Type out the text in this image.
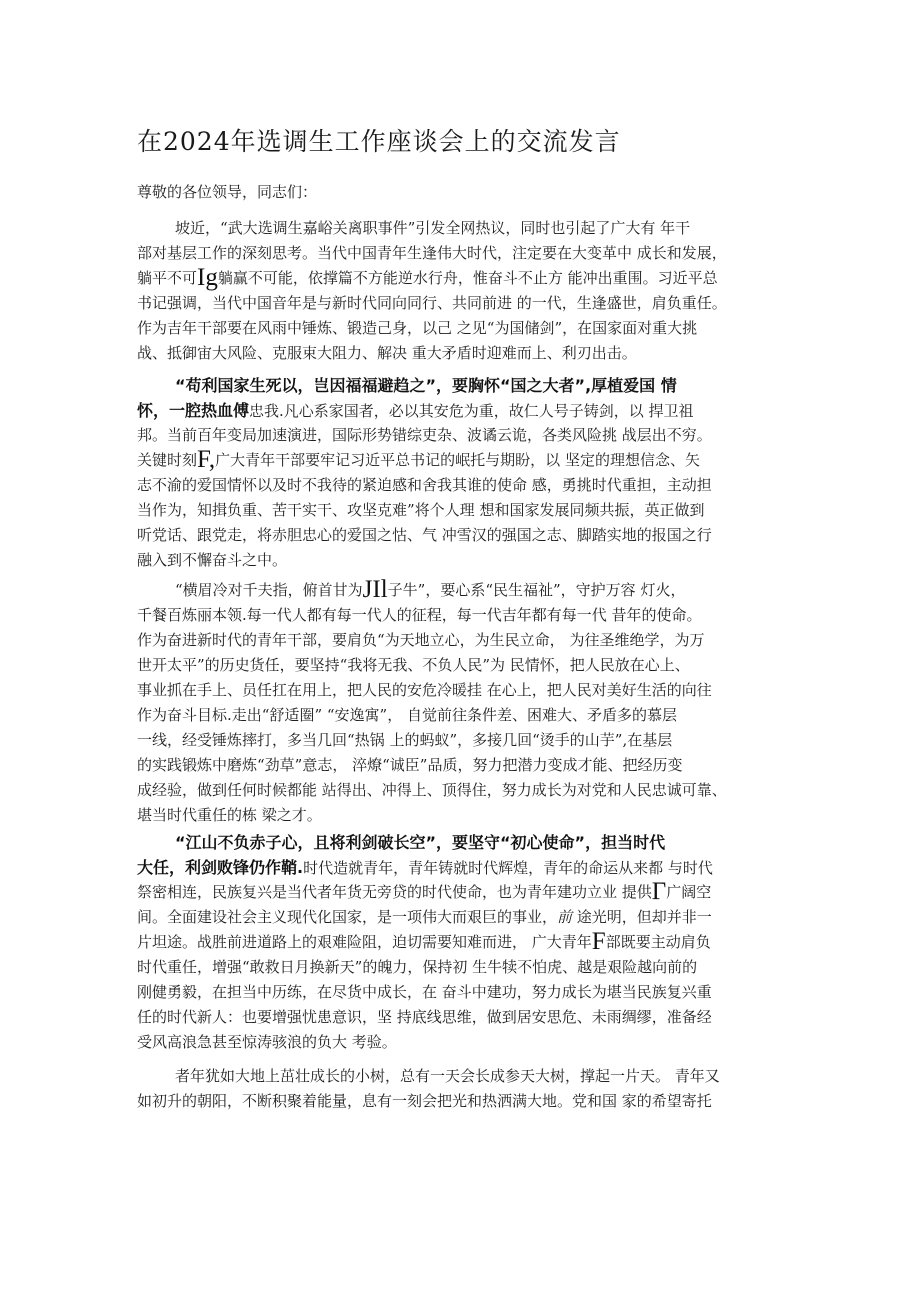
在2024年选调生工作座谈会上的交流发言
尊敬的各位领导，同志们：
坡近，“武大选调生嘉峪关离职事件”引发全网热议，同时也引起了广大有 年干
部对基层工作的深刻思考。当代中国青年生逢伟大时代，注定要在大变革中 成长和发展，
躺平不可Ig躺赢不可能，依撑篇不方能逆水行舟，惟奋斗不止方 能冲出重围。习近平总
书记强调，当代中国音年是与新时代同向同行、共同前进 的一代，生逢盛世，肩负重任。
作为吉年干部要在风雨中锤炼、锻造己身，以己 之见“为国储剑”，在国家面对重大挑
战、抵御宙大风险、克服束大阻力、解决 重大矛盾时迎难而上、利刃出击。
“苟利国家生死以，岂因福福避趋之”，要胸怀“国之大者”,厚植爱国 情
怀，一腔热血傅忠我.凡心系家国者，必以其安危为重，故仁人号子铸剑，以 捍卫祖
邦。当前百年变局加速演进，国际形势错综吏杂、波谲云诡，各类风险挑 战层出不穷。
关键时刻F,广大青年干部要牢记习近平总书记的岷托与期盼，以 坚定的理想信念、矢
志不渝的爱国情怀以及时不我待的紧迫感和舍我其谁的使命 感，勇挑时代重担，主动担
当作为，知揖负重、苦干实干、攻坚克难”将个人理 想和国家发展同频共振，英正做到
听党话、跟党走，将赤胆忠心的爱国之怙、气 冲雪汉的强国之志、脚踏实地的报国之行
融入到不懈奋斗之中。
“横眉冷对千夫指，俯首甘为JIl子牛”，要心系“民生福祉”，守护万容 灯火，
千餐百炼丽本领.每一代人都有每一代人的征程，每一代吉年都有每一代 昔年的使命。
作为奋进新时代的青年干部，要肩负“为天地立心，为生民立命， 为往圣维绝学，为万
世开太平”的历史货任，要坚持“我将无我、不负人民”为 民情怀，把人民放在心上、
事业抓在手上、员任扛在用上，把人民的安危冷暖挂 在心上，把人民对美好生活的向往
作为奋斗目标.走出“舒适圈” “安逸寓”， 自觉前往条件差、困难大、矛盾多的慕层
一线，经受锤炼摔打，多当几回“热锅 上的蚂蚁”，多接几回“烫手的山芋”,在基层
的实践锻炼中磨炼“劲草”意志， 淬燎“诚臣”品质，努力把潜力变成才能、把经历变
成经验，做到任何时候都能 站得出、冲得上、顶得住，努力成长为对党和人民忠诚可靠、
堪当时代重任的栋 梁之才。
“江山不负赤子心，且将利剑破长空”，要坚守“初心使命”，担当时代
大任，利剑败锋仍作鞘.时代造就青年，青年铸就时代辉煌，青年的命运从来都 与时代
祭密相连，民族复兴是当代者年货无旁贷的时代使命，也为青年建功立业 提供Γ广阔空
间。全面建设社会主义现代化国家，是一项伟大而艰巨的事业，前 途光明，但却并非一
片坦途。战胜前进道路上的艰难险阻，迫切需要知难而进， 广大青年F部既要主动肩负
时代重任，增强“敢救日月换新天”的魄力，保持初 生牛犊不怕虎、越是艰险越向前的
刚健勇毅，在担当中历练，在尽货中成长，在 奋斗中建功，努力成长为堪当民族复兴重
任的时代新人：也要增强忧患意识，坚 持底线思维，做到居安思危、未雨绸缪，准备经
受风高浪急甚至惊涛骇浪的负大 考验。
者年犹如大地上茁壮成长的小树，总有一天会长成参天大树，撑起一片天。 青年又
如初升的朝阳，不断积聚着能量，息有一刻会把光和热洒满大地。党和国 家的希望寄托
